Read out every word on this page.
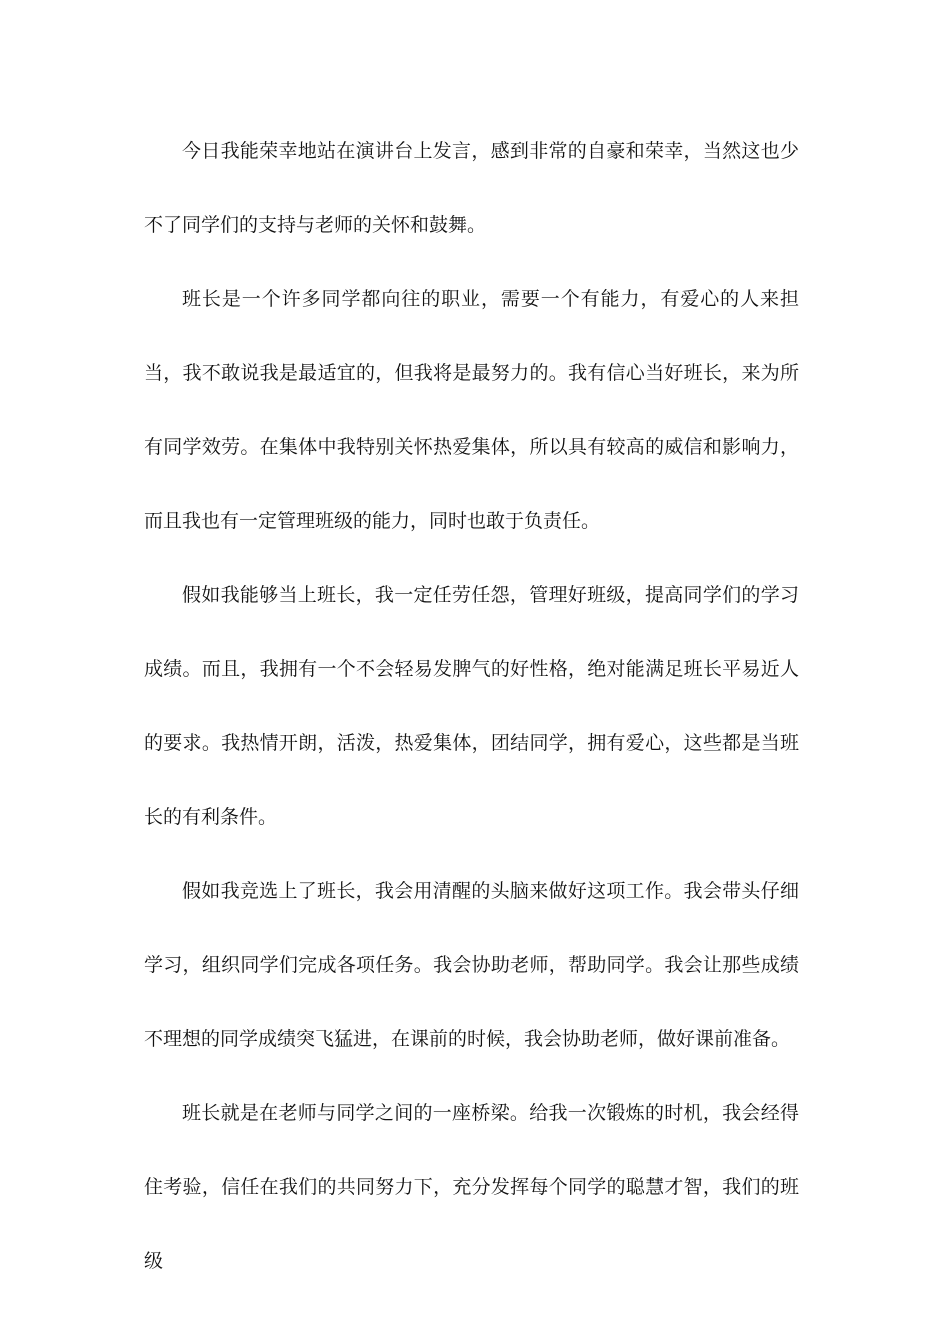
今日我能荣幸地站在演讲台上发言，感到非常的自豪和荣幸，当然这也少不了同学们的支持与老师的关怀和鼓舞。

班长是一个许多同学都向往的职业，需要一个有能力，有爱心的人来担当，我不敢说我是最适宜的，但我将是最努力的。我有信心当好班长，来为所有同学效劳。在集体中我特别关怀热爱集体，所以具有较高的威信和影响力，而且我也有一定管理班级的能力，同时也敢于负责任。

假如我能够当上班长，我一定任劳任怨，管理好班级，提高同学们的学习成绩。而且，我拥有一个不会轻易发脾气的好性格，绝对能满足班长平易近人的要求。我热情开朗，活泼，热爱集体，团结同学，拥有爱心，这些都是当班长的有利条件。

假如我竞选上了班长，我会用清醒的头脑来做好这项工作。我会带头仔细学习，组织同学们完成各项任务。我会协助老师，帮助同学。我会让那些成绩不理想的同学成绩突飞猛进，在课前的时候，我会协助老师，做好课前准备。

班长就是在老师与同学之间的一座桥梁。给我一次锻炼的时机，我会经得住考验，信任在我们的共同努力下，充分发挥每个同学的聪慧才智，我们的班级
